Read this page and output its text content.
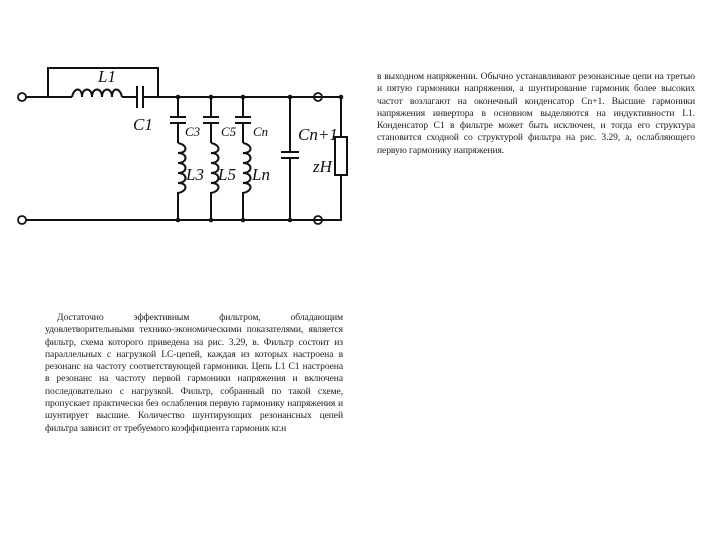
L1
C1 C3 C5 Cn Cn+1
L3 L5 Ln	zH

в выходном напряжении. Обычно устанавливают резонансные цепи на третью и пятую гармоники напряжения, а шунтирование гармоник более высоких частот возлагают на оконечный конденсатор Cn+1. Высшие гармоники напряжения инвертора в основном выделяются на индуктивности L1. Конденсатор C1 в фильтре может быть исключен, и тогда его структура становится сходной со структурой фильтра на рис. 3.29, а, ослабляющего первую гармонику напряжения.

Достаточно эффективным фильтром, обладающим удовлетворительными технико-экономическими показателями, является фильтр, схема которого приведена на рис. 3.29, в. Фильтр состоит из параллельных с нагрузкой LC-цепей, каждая из которых настроена в резонанс на частоту соответствующей гармоники. Цепь L1 C1 настроена в резонанс на частоту первой гармоники напряжения и включена последовательно с нагрузкой. Фильтр, собранный по такой схеме, пропускает практически без ослабления первую гармонику напряжения и шунтирует высшие. Количество шунтирующих резонансных цепей фильтра зависит от требуемого коэффициента гармоник кг.н
